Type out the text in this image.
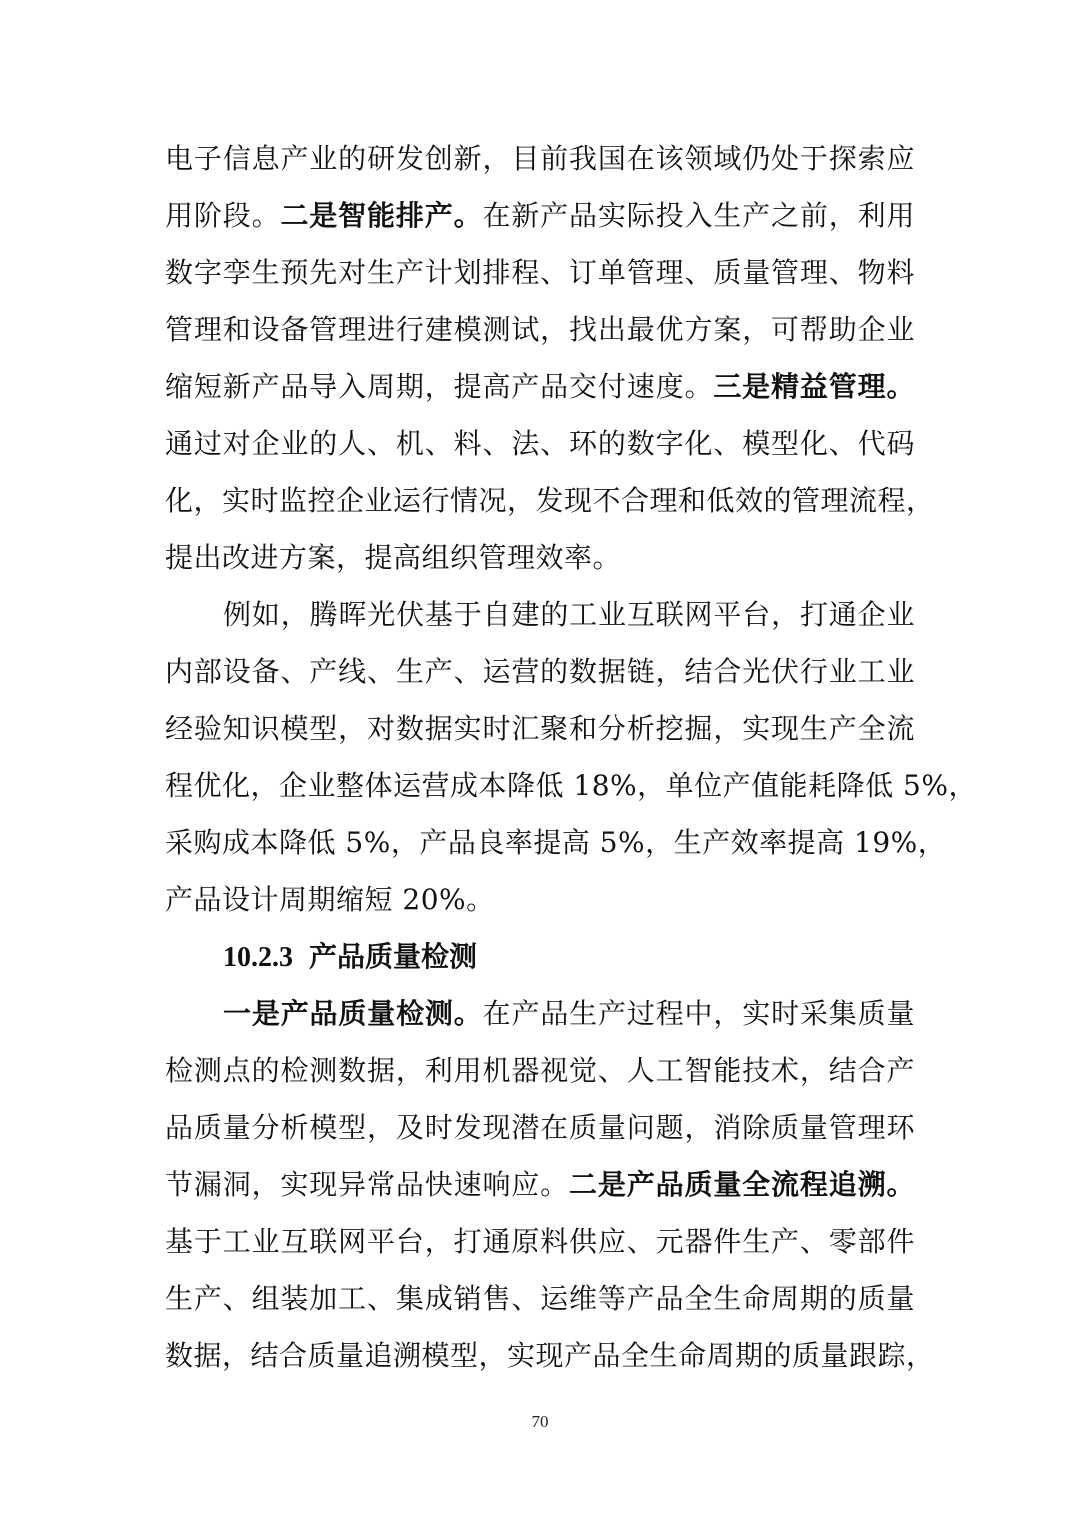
电子信息产业的研发创新，目前我国在该领域仍处于探索应
用阶段。二是智能排产。在新产品实际投入生产之前，利用
数字孪生预先对生产计划排程、订单管理、质量管理、物料
管理和设备管理进行建模测试，找出最优方案，可帮助企业
缩短新产品导入周期，提高产品交付速度。三是精益管理。
通过对企业的人、机、料、法、环的数字化、模型化、代码
化，实时监控企业运行情况，发现不合理和低效的管理流程，
提出改进方案，提高组织管理效率。
例如，腾晖光伏基于自建的工业互联网平台，打通企业
内部设备、产线、生产、运营的数据链，结合光伏行业工业
经验知识模型，对数据实时汇聚和分析挖掘，实现生产全流
程优化，企业整体运营成本降低 18%，单位产值能耗降低 5%，
采购成本降低 5%，产品良率提高 5%，生产效率提高 19%，
产品设计周期缩短 20%。
10.2.3 产品质量检测
一是产品质量检测。在产品生产过程中，实时采集质量
检测点的检测数据，利用机器视觉、人工智能技术，结合产
品质量分析模型，及时发现潜在质量问题，消除质量管理环
节漏洞，实现异常品快速响应。二是产品质量全流程追溯。
基于工业互联网平台，打通原料供应、元器件生产、零部件
生产、组装加工、集成销售、运维等产品全生命周期的质量
数据，结合质量追溯模型，实现产品全生命周期的质量跟踪，
70
